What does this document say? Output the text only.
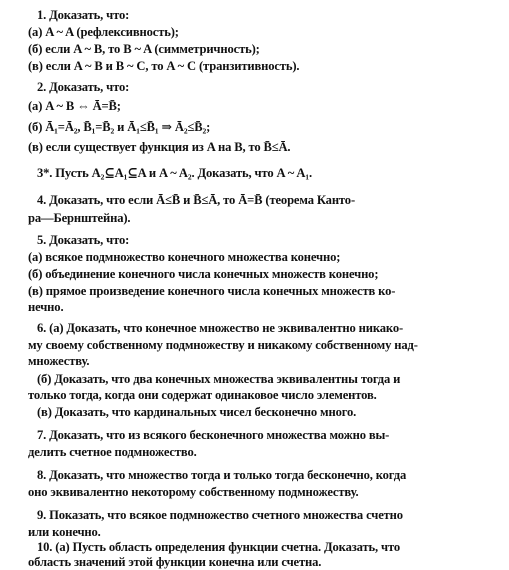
1. Доказать, что:
(а) A ~ A (рефлексивность);
(б) если A ~ B, то B ~ A (симметричность);
(в) если A ~ B и B ~ C, то A ~ C (транзитивность).
2. Доказать, что:
(а) A ~ B ⇔ Ā=B̄;
(б) Ā₁=Ā₂, B̄₁=B̄₂ и Ā₁≤B̄₁ ⇒ Ā₂≤B̄₂;
(в) если существует функция из A на B, то B̄≤Ā.
3*. Пусть A₂⊆A₁⊆A и A ~ A₂. Доказать, что A ~ A₁.
4. Доказать, что если Ā≤B̄ и B̄≤Ā, то Ā=B̄ (теорема Канто-
ра—Бернштейна).
5. Доказать, что:
(а) всякое подмножество конечного множества конечно;
(б) объединение конечного числа конечных множеств конечно;
(в) прямое произведение конечного числа конечных множеств ко-
нечно.
6. (а) Доказать, что конечное множество не эквивалентно никако-
му своему собственному подмножеству и никакому собственному над-
множеству.
(б) Доказать, что два конечных множества эквивалентны тогда и
только тогда, когда они содержат одинаковое число элементов.
(в) Доказать, что кардинальных чисел бесконечно много.
7. Доказать, что из всякого бесконечного множества можно вы-
делить счетное подмножество.
8. Доказать, что множество тогда и только тогда бесконечно, когда
оно эквивалентно некоторому собственному подмножеству.
9. Показать, что всякое подмножество счетного множества счетно
или конечно.
10. (а) Пусть область определения функции счетна. Доказать, что
область значений этой функции конечна или счетна.
